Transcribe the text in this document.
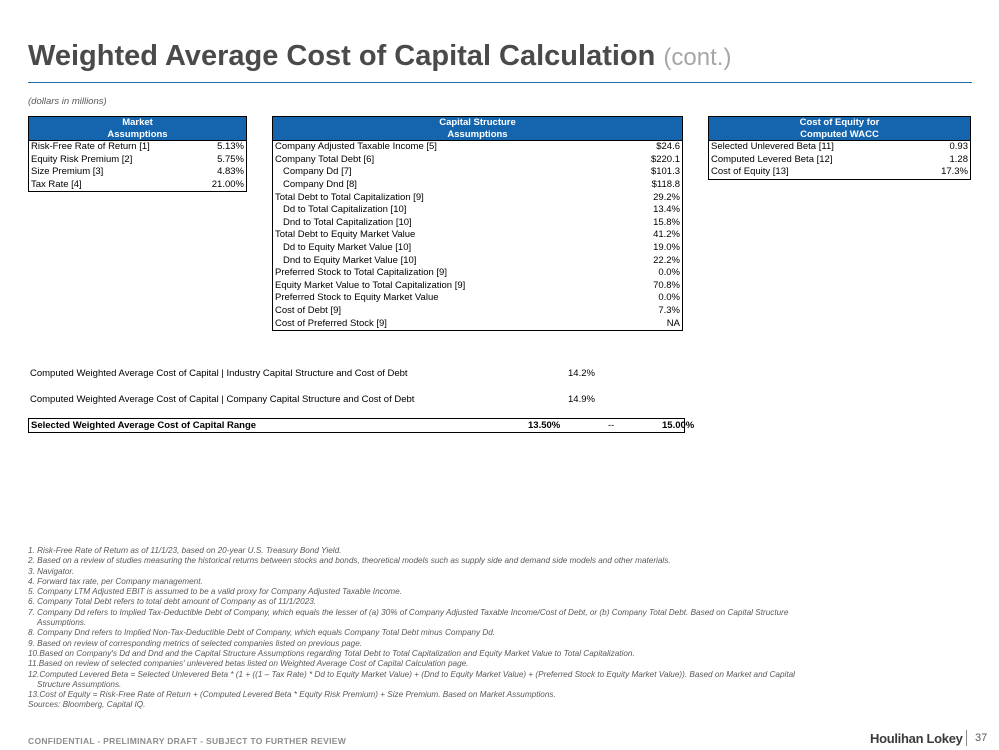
Weighted Average Cost of Capital Calculation (cont.)
(dollars in millions)
Market
Assumptions	
Risk-Free Rate of Return [1]	5.13%
Equity Risk Premium [2]	5.75%
Size Premium [3]	4.83%
Tax Rate [4]	21.00%
Capital Structure
Assumptions	
Company Adjusted Taxable Income [5]	$24.6
Company Total Debt [6]	$220.1
Company Dd [7]	$101.3
Company Dnd [8]	$118.8
Total Debt to Total Capitalization [9]	29.2%
Dd to Total Capitalization [10]	13.4%
Dnd to Total Capitalization [10]	15.8%
Total Debt to Equity Market Value	41.2%
Dd to Equity Market Value [10]	19.0%
Dnd to Equity Market Value [10]	22.2%
Preferred Stock to Total Capitalization [9]	0.0%
Equity Market Value to Total Capitalization [9]	70.8%
Preferred Stock to Equity Market Value	0.0%
Cost of Debt [9]	7.3%
Cost of Preferred Stock [9]	NA
Cost of Equity for
Computed WACC	
Selected Unlevered Beta [11]	0.93
Computed Levered Beta [12]	1.28
Cost of Equity [13]	17.3%
Computed Weighted Average Cost of Capital | Industry Capital Structure and Cost of Debt	14.2%
Computed Weighted Average Cost of Capital | Company Capital Structure and Cost of Debt	14.9%
Selected Weighted Average Cost of Capital Range	13.50%	--	15.00%
1. Risk-Free Rate of Return as of 11/1/23, based on 20-year U.S. Treasury Bond Yield.
2. Based on a review of studies measuring the historical returns between stocks and bonds, theoretical models such as supply side and demand side models and other materials.
3. Navigator.
4. Forward tax rate, per Company management.
5. Company LTM Adjusted EBIT is assumed to be a valid proxy for Company Adjusted Taxable Income.
6. Company Total Debt refers to total debt amount of Company as of 11/1/2023.
7. Company Dd refers to Implied Tax-Deductible Debt of Company, which equals the lesser of (a) 30% of Company Adjusted Taxable Income/Cost of Debt, or (b) Company Total Debt. Based on Capital Structure
Assumptions.
8. Company Dnd refers to Implied Non-Tax-Deductible Debt of Company, which equals Company Total Debt minus Company Dd.
9. Based on review of corresponding metrics of selected companies listed on previous page.
10.Based on Company's Dd and Dnd and the Capital Structure Assumptions regarding Total Debt to Total Capitalization and Equity Market Value to Total Capitalization.
11.Based on review of selected companies' unlevered betas listed on Weighted Average Cost of Capital Calculation page.
12.Computed Levered Beta = Selected Unlevered Beta * (1 + ((1 – Tax Rate) * Dd to Equity Market Value) + (Dnd to Equity Market Value) + (Preferred Stock to Equity Market Value)). Based on Market and Capital
Structure Assumptions.
13.Cost of Equity = Risk-Free Rate of Return + (Computed Levered Beta * Equity Risk Premium) + Size Premium. Based on Market Assumptions.
Sources: Bloomberg, Capital IQ.
CONFIDENTIAL - PRELIMINARY DRAFT - SUBJECT TO FURTHER REVIEW	Houlihan Lokey 37
